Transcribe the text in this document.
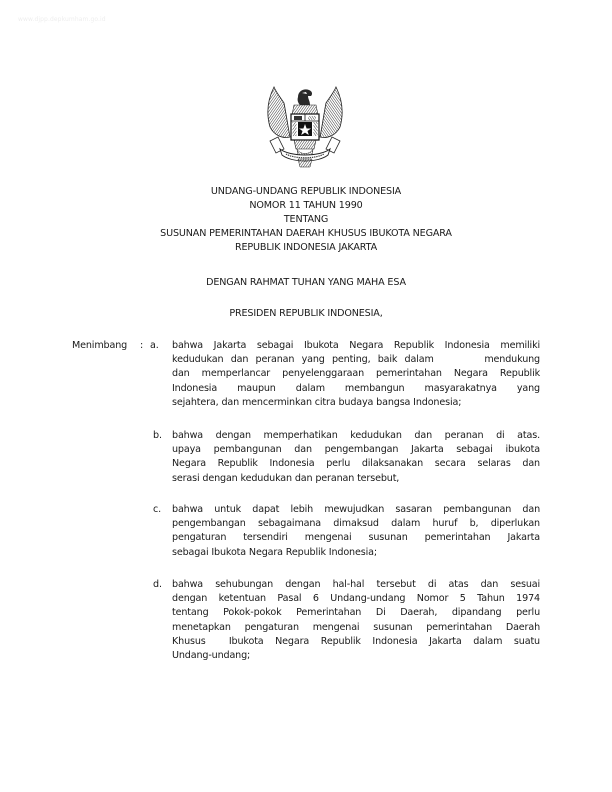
www.djpp.depkumham.go.id
UNDANG-UNDANG REPUBLIK INDONESIA
NOMOR 11 TAHUN 1990
TENTANG
SUSUNAN PEMERINTAHAN DAERAH KHUSUS IBUKOTA NEGARA
REPUBLIK INDONESIA JAKARTA
DENGAN RAHMAT TUHAN YANG MAHA ESA
PRESIDEN REPUBLIK INDONESIA,
Menimbang : a.	bahwa Jakarta sebagai Ibukota Negara Republik Indonesia memiliki
kedudukan dan peranan yang penting, baik dalam       mendukung
dan memperlancar penyelenggaraan pemerintahan Negara Republik
Indonesia maupun dalam membangun masyarakatnya yang
sejahtera, dan mencerminkan citra budaya bangsa Indonesia;
b.	bahwa dengan memperhatikan kedudukan dan peranan di atas.
upaya pembangunan dan pengembangan Jakarta sebagai ibukota
Negara Republik Indonesia perlu dilaksanakan secara selaras dan
serasi dengan kedudukan dan peranan tersebut,
c.	bahwa untuk dapat lebih mewujudkan sasaran pembangunan dan
pengembangan sebagaimana dimaksud dalam huruf b, diperlukan
pengaturan tersendiri mengenai susunan pemerintahan Jakarta
sebagai Ibukota Negara Republik Indonesia;
d.	bahwa sehubungan dengan hal-hal tersebut di atas dan sesuai
dengan ketentuan Pasal 6 Undang-undang Nomor 5 Tahun 1974
tentang Pokok-pokok Pemerintahan Di Daerah, dipandang perlu
menetapkan pengaturan mengenai susunan pemerintahan Daerah
Khusus  Ibukota Negara Republik Indonesia Jakarta dalam suatu
Undang-undang;
